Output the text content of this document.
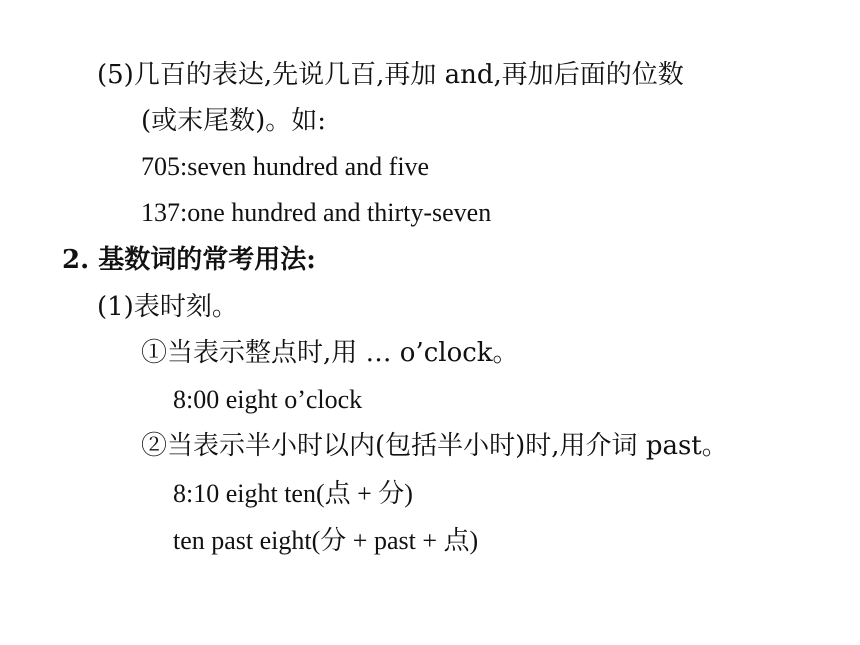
(5)几百的表达,先说几百,再加 and,再加后面的位数
(或末尾数)。如:
705:seven hundred and five
137:one hundred and thirty-seven
2. 基数词的常考用法:
(1)表时刻。
①当表示整点时,用 … o’clock。
8:00 eight o’clock
②当表示半小时以内(包括半小时)时,用介词 past。
8:10 eight ten(点 + 分)
ten past eight(分 + past + 点)
